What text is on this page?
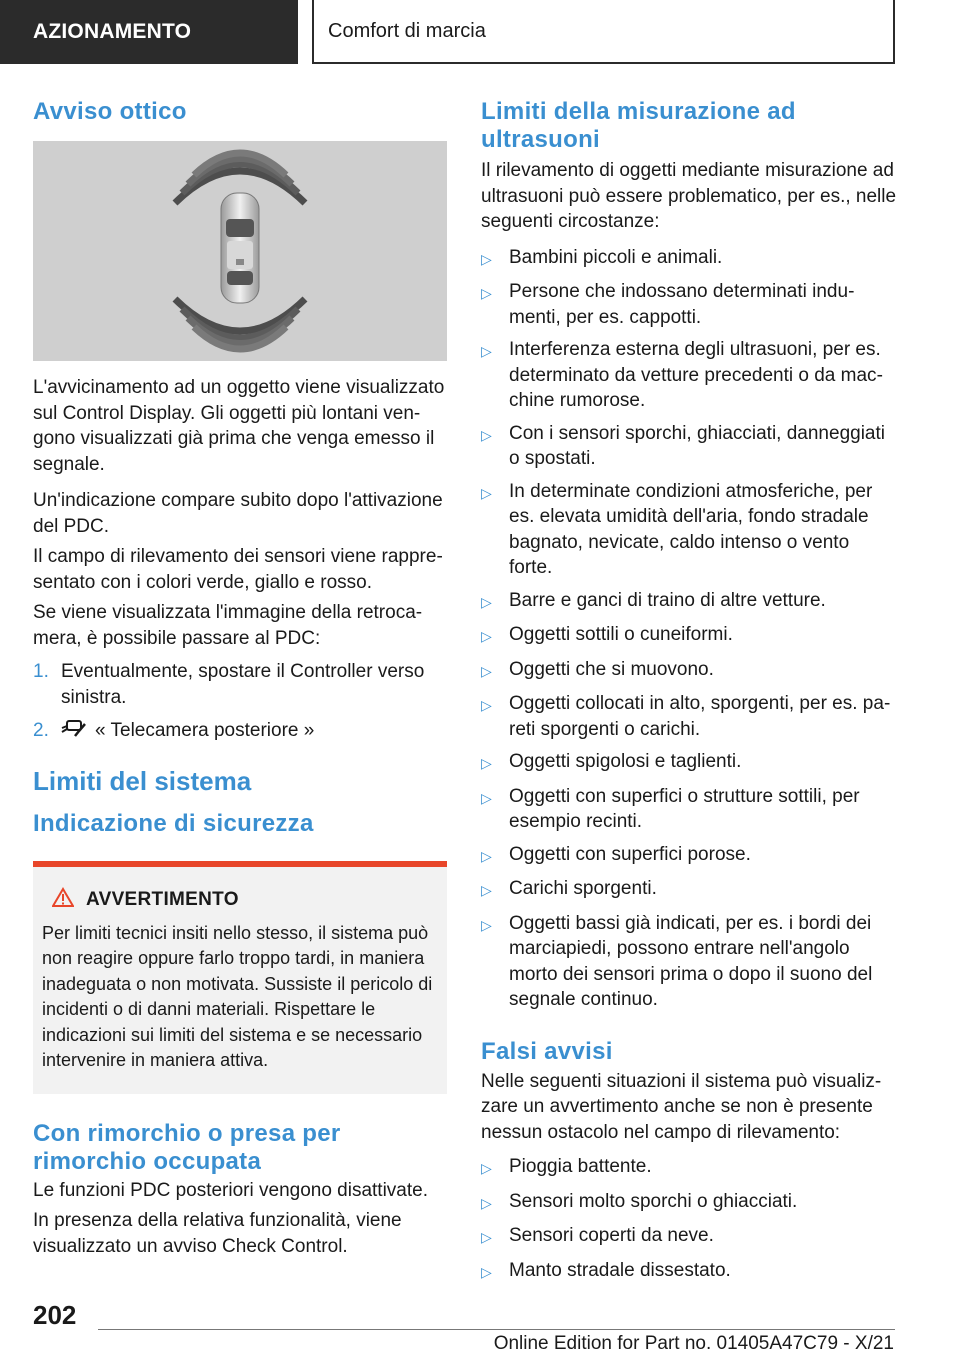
AZIONAMENTO	Comfort di marcia
Avviso ottico

L'avvicinamento ad un oggetto viene visualizzato sul Control Display. Gli oggetti più lontani vengono visualizzati già prima che venga emesso il segnale.

Un'indicazione compare subito dopo l'attivazione del PDC.

Il campo di rilevamento dei sensori viene rappresentato con i colori verde, giallo e rosso.

Se viene visualizzata l'immagine della retrocamera, è possibile passare al PDC:

1. Eventualmente, spostare il Controller verso sinistra.
2.	« Telecamera posteriore »
Limiti del sistema
Indicazione di sicurezza
AVVERTIMENTO

Per limiti tecnici insiti nello stesso, il sistema può non reagire oppure farlo troppo tardi, in maniera inadeguata o non motivata. Sussiste il pericolo di incidenti o di danni materiali. Rispettare le indicazioni sui limiti del sistema e se necessario intervenire in maniera attiva.

Con rimorchio o presa per rimorchio occupata

Le funzioni PDC posteriori vengono disattivate.

In presenza della relativa funzionalità, viene visualizzato un avviso Check Control.

Limiti della misurazione ad ultrasuoni

Il rilevamento di oggetti mediante misurazione ad ultrasuoni può essere problematico, per es., nelle seguenti circostanze:

▷ Bambini piccoli e animali.
▷ Persone che indossano determinati indumenti, per es. cappotti.
▷ Interferenza esterna degli ultrasuoni, per es. determinato da vetture precedenti o da macchine rumorose.
▷ Con i sensori sporchi, ghiacciati, danneggiati o spostati.
▷ In determinate condizioni atmosferiche, per es. elevata umidità dell'aria, fondo stradale bagnato, nevicate, caldo intenso o vento forte.
▷ Barre e ganci di traino di altre vetture.
▷ Oggetti sottili o cuneiformi.
▷ Oggetti che si muovono.
▷ Oggetti collocati in alto, sporgenti, per es. pareti sporgenti o carichi.
▷ Oggetti spigolosi e taglienti.
▷ Oggetti con superfici o strutture sottili, per esempio recinti.
▷ Oggetti con superfici porose.
▷ Carichi sporgenti.
▷ Oggetti bassi già indicati, per es. i bordi dei marciapiedi, possono entrare nell'angolo morto dei sensori prima o dopo il suono del segnale continuo.
Falsi avvisi

Nelle seguenti situazioni il sistema può visualizzare un avvertimento anche se non è presente nessun ostacolo nel campo di rilevamento:

▷ Pioggia battente.
▷ Sensori molto sporchi o ghiacciati.
▷ Sensori coperti da neve.
▷ Manto stradale dissestato.
202
Online Edition for Part no. 01405A47C79 - X/21
